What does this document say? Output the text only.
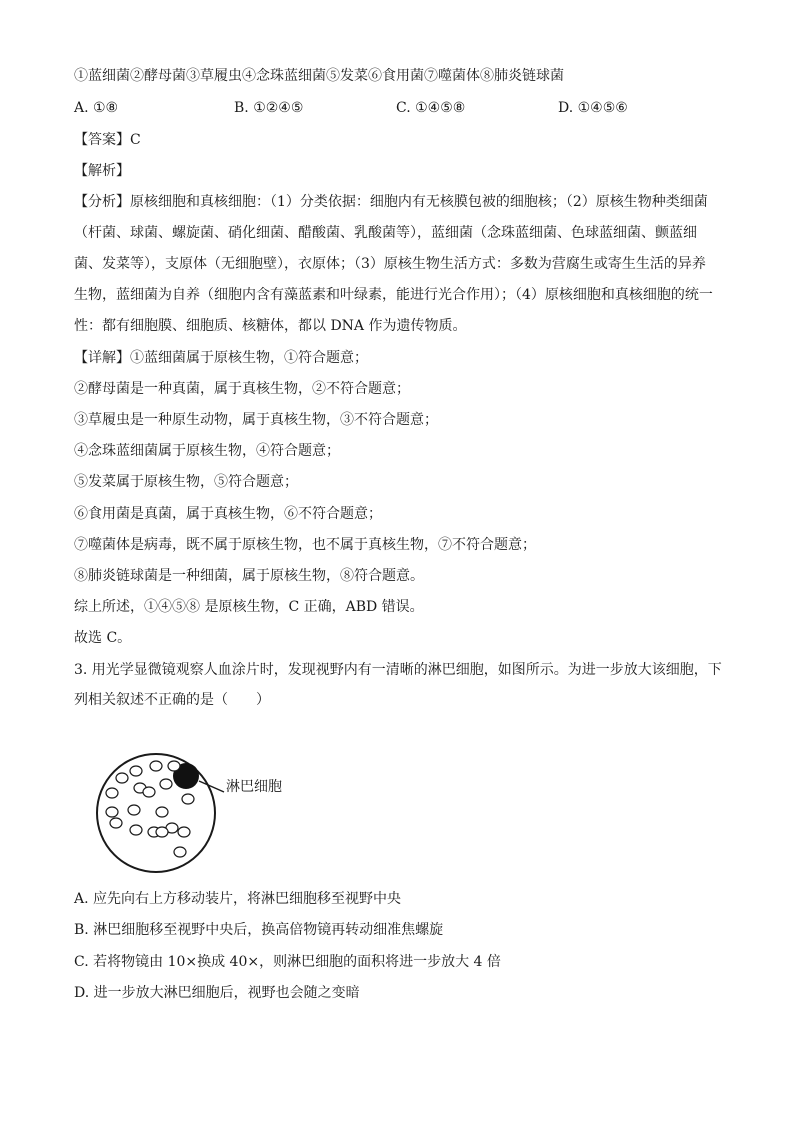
①蓝细菌②酵母菌③草履虫④念珠蓝细菌⑤发菜⑥食用菌⑦噬菌体⑧肺炎链球菌
A. ①⑧	B. ①②④⑤	C. ①④⑤⑧	D. ①④⑤⑥
【答案】C
【解析】
【分析】原核细胞和真核细胞：（1）分类依据：细胞内有无核膜包被的细胞核；（2）原核生物种类细菌
（杆菌、球菌、螺旋菌、硝化细菌、醋酸菌、乳酸菌等），蓝细菌（念珠蓝细菌、色球蓝细菌、颤蓝细
菌、发菜等），支原体（无细胞壁），衣原体；（3）原核生物生活方式：多数为营腐生或寄生生活的异养
生物，蓝细菌为自养（细胞内含有藻蓝素和叶绿素，能进行光合作用）；（4）原核细胞和真核细胞的统一
性：都有细胞膜、细胞质、核糖体，都以 DNA 作为遗传物质。
【详解】①蓝细菌属于原核生物，①符合题意；
②酵母菌是一种真菌，属于真核生物，②不符合题意；
③草履虫是一种原生动物，属于真核生物，③不符合题意；
④念珠蓝细菌属于原核生物，④符合题意；
⑤发菜属于原核生物，⑤符合题意；
⑥食用菌是真菌，属于真核生物，⑥不符合题意；
⑦噬菌体是病毒，既不属于原核生物，也不属于真核生物，⑦不符合题意；
⑧肺炎链球菌是一种细菌，属于原核生物，⑧符合题意。
综上所述，①④⑤⑧ 是原核生物，C 正确，ABD 错误。
故选 C。
3. 用光学显微镜观察人血涂片时，发现视野内有一清晰的淋巴细胞，如图所示。为进一步放大该细胞，下
列相关叙述不正确的是（　　）
淋巴细胞
A. 应先向右上方移动装片，将淋巴细胞移至视野中央
B. 淋巴细胞移至视野中央后，换高倍物镜再转动细准焦螺旋
C. 若将物镜由 10×换成 40×，则淋巴细胞的面积将进一步放大 4 倍
D. 进一步放大淋巴细胞后，视野也会随之变暗
